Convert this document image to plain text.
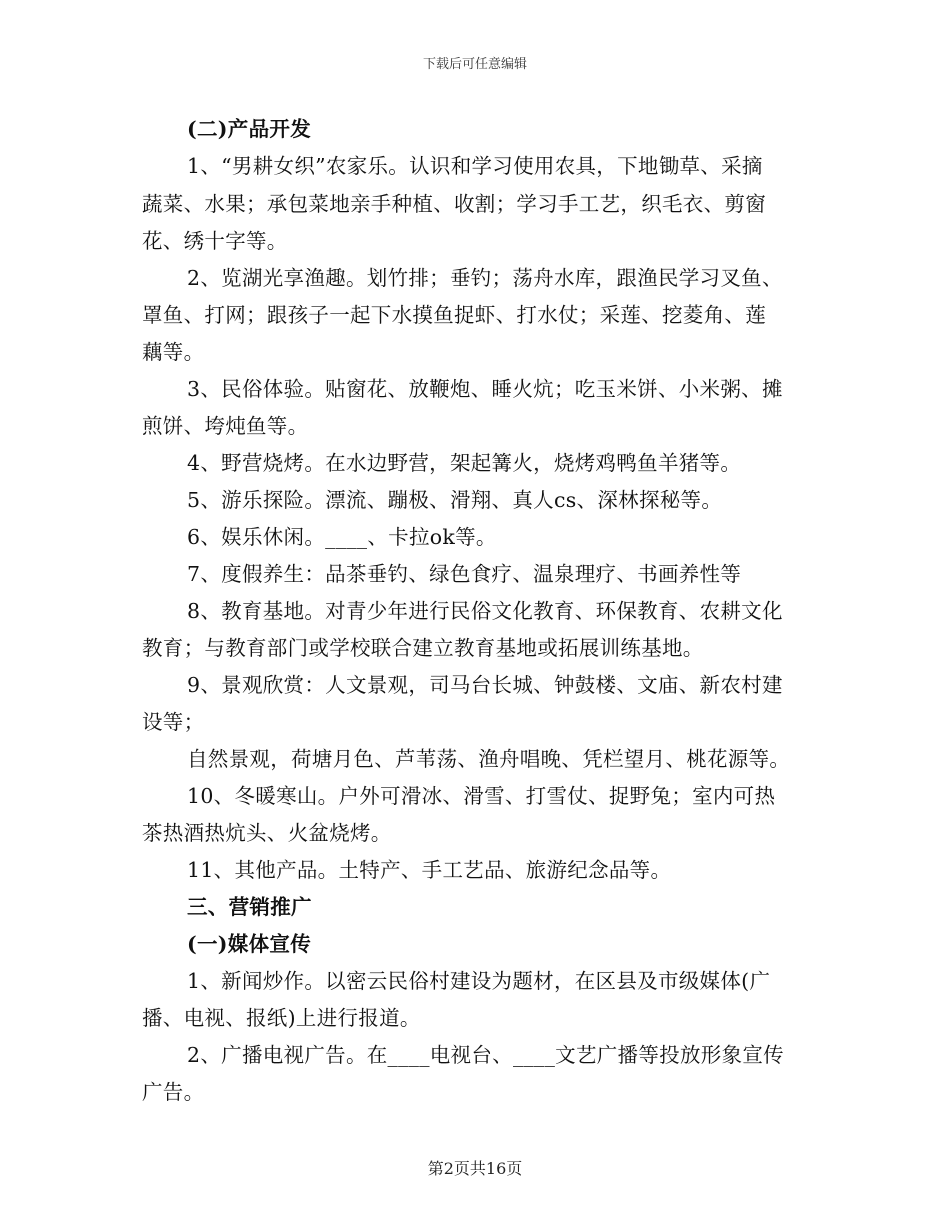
下载后可任意编辑
(二)产品开发
1、“男耕女织”农家乐。认识和学习使用农具，下地锄草、采摘
蔬菜、水果；承包菜地亲手种植、收割；学习手工艺，织毛衣、剪窗
花、绣十字等。
2、览湖光享渔趣。划竹排；垂钓；荡舟水库，跟渔民学习叉鱼、
罩鱼、打网；跟孩子一起下水摸鱼捉虾、打水仗；采莲、挖菱角、莲
藕等。
3、民俗体验。贴窗花、放鞭炮、睡火炕；吃玉米饼、小米粥、摊
煎饼、垮炖鱼等。
4、野营烧烤。在水边野营，架起篝火，烧烤鸡鸭鱼羊猪等。
5、游乐探险。漂流、蹦极、滑翔、真人cs、深林探秘等。
6、娱乐休闲。____、卡拉ok等。
7、度假养生：品茶垂钓、绿色食疗、温泉理疗、书画养性等
8、教育基地。对青少年进行民俗文化教育、环保教育、农耕文化
教育；与教育部门或学校联合建立教育基地或拓展训练基地。
9、景观欣赏：人文景观，司马台长城、钟鼓楼、文庙、新农村建
设等；
自然景观，荷塘月色、芦苇荡、渔舟唱晚、凭栏望月、桃花源等。
10、冬暖寒山。户外可滑冰、滑雪、打雪仗、捉野兔；室内可热
茶热酒热炕头、火盆烧烤。
11、其他产品。土特产、手工艺品、旅游纪念品等。
三、营销推广
(一)媒体宣传
1、新闻炒作。以密云民俗村建设为题材，在区县及市级媒体(广
播、电视、报纸)上进行报道。
2、广播电视广告。在____电视台、____文艺广播等投放形象宣传
广告。
第2页共16页
